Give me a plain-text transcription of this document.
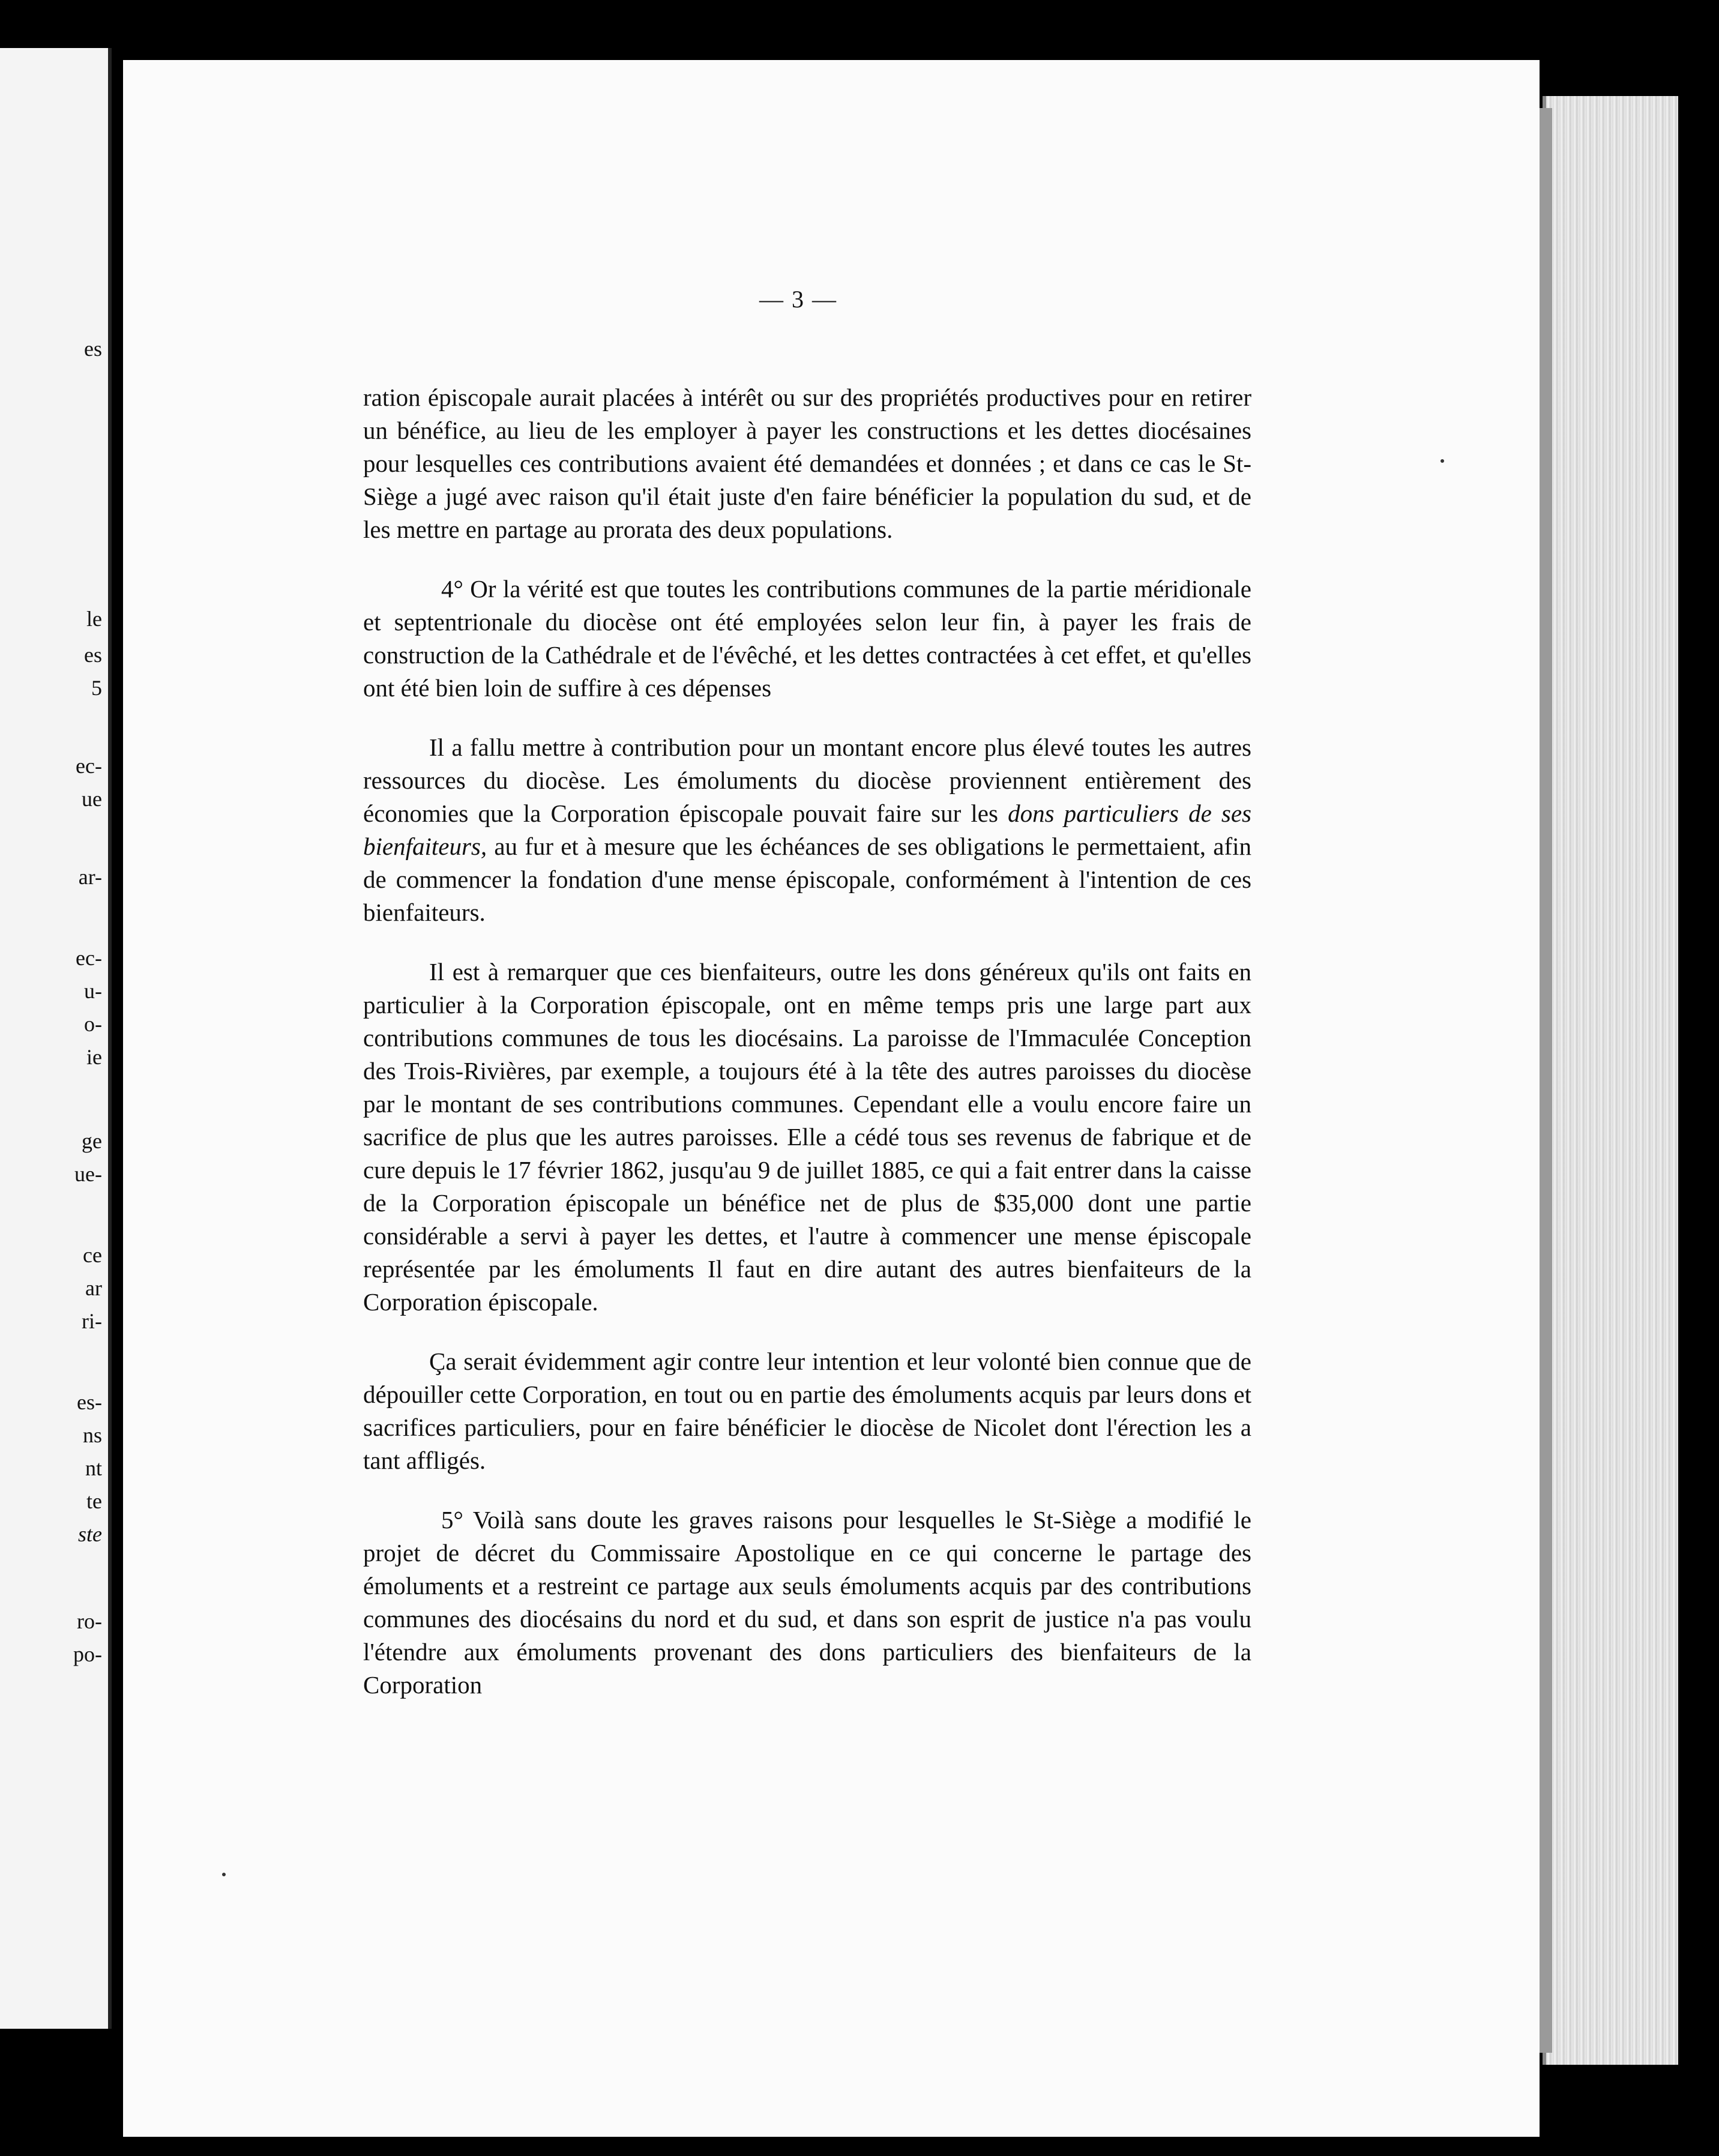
es
le
es
5
ec-
ue
ar-
ec-
u-
o-
ie
ge
ue-
ce
ar
ri-
es-
ns
nt
te
ste
ro-
po-
— 3 —

ration épiscopale aurait placées à intérêt ou sur des propriétés productives pour en retirer un bénéfice, au lieu de les employer à payer les constructions et les dettes diocésaines pour lesquelles ces contributions avaient été demandées et données ; et dans ce cas le St-Siège a jugé avec raison qu'il était juste d'en faire bénéficier la population du sud, et de les mettre en partage au prorata des deux populations.

4° Or la vérité est que toutes les contributions communes de la partie méridionale et septentrionale du diocèse ont été employées selon leur fin, à payer les frais de construction de la Cathédrale et de l'évêché, et les dettes contractées à cet effet, et qu'elles ont été bien loin de suffire à ces dépenses

Il a fallu mettre à contribution pour un montant encore plus élevé toutes les autres ressources du diocèse. Les émoluments du diocèse proviennent entièrement des économies que la Corporation épiscopale pouvait faire sur les dons particuliers de ses bienfaiteurs, au fur et à mesure que les échéances de ses obligations le permettaient, afin de commencer la fondation d'une mense épiscopale, conformément à l'intention de ces bienfaiteurs.

Il est à remarquer que ces bienfaiteurs, outre les dons généreux qu'ils ont faits en particulier à la Corporation épiscopale, ont en même temps pris une large part aux contributions communes de tous les diocésains. La paroisse de l'Immaculée Conception des Trois-Rivières, par exemple, a toujours été à la tête des autres paroisses du diocèse par le montant de ses contributions communes. Cependant elle a voulu encore faire un sacrifice de plus que les autres paroisses. Elle a cédé tous ses revenus de fabrique et de cure depuis le 17 février 1862, jusqu'au 9 de juillet 1885, ce qui a fait entrer dans la caisse de la Corporation épiscopale un bénéfice net de plus de $35,000 dont une partie considérable a servi à payer les dettes, et l'autre à commencer une mense épiscopale représentée par les émoluments Il faut en dire autant des autres bienfaiteurs de la Corporation épiscopale.

Ça serait évidemment agir contre leur intention et leur volonté bien connue que de dépouiller cette Corporation, en tout ou en partie des émoluments acquis par leurs dons et sacrifices particuliers, pour en faire bénéficier le diocèse de Nicolet dont l'érection les a tant affligés.

5° Voilà sans doute les graves raisons pour lesquelles le St-Siège a modifié le projet de décret du Commissaire Apostolique en ce qui concerne le partage des émoluments et a restreint ce partage aux seuls émoluments acquis par des contributions communes des diocésains du nord et du sud, et dans son esprit de justice n'a pas voulu l'étendre aux émoluments provenant des dons particuliers des bienfaiteurs de la Corporation
